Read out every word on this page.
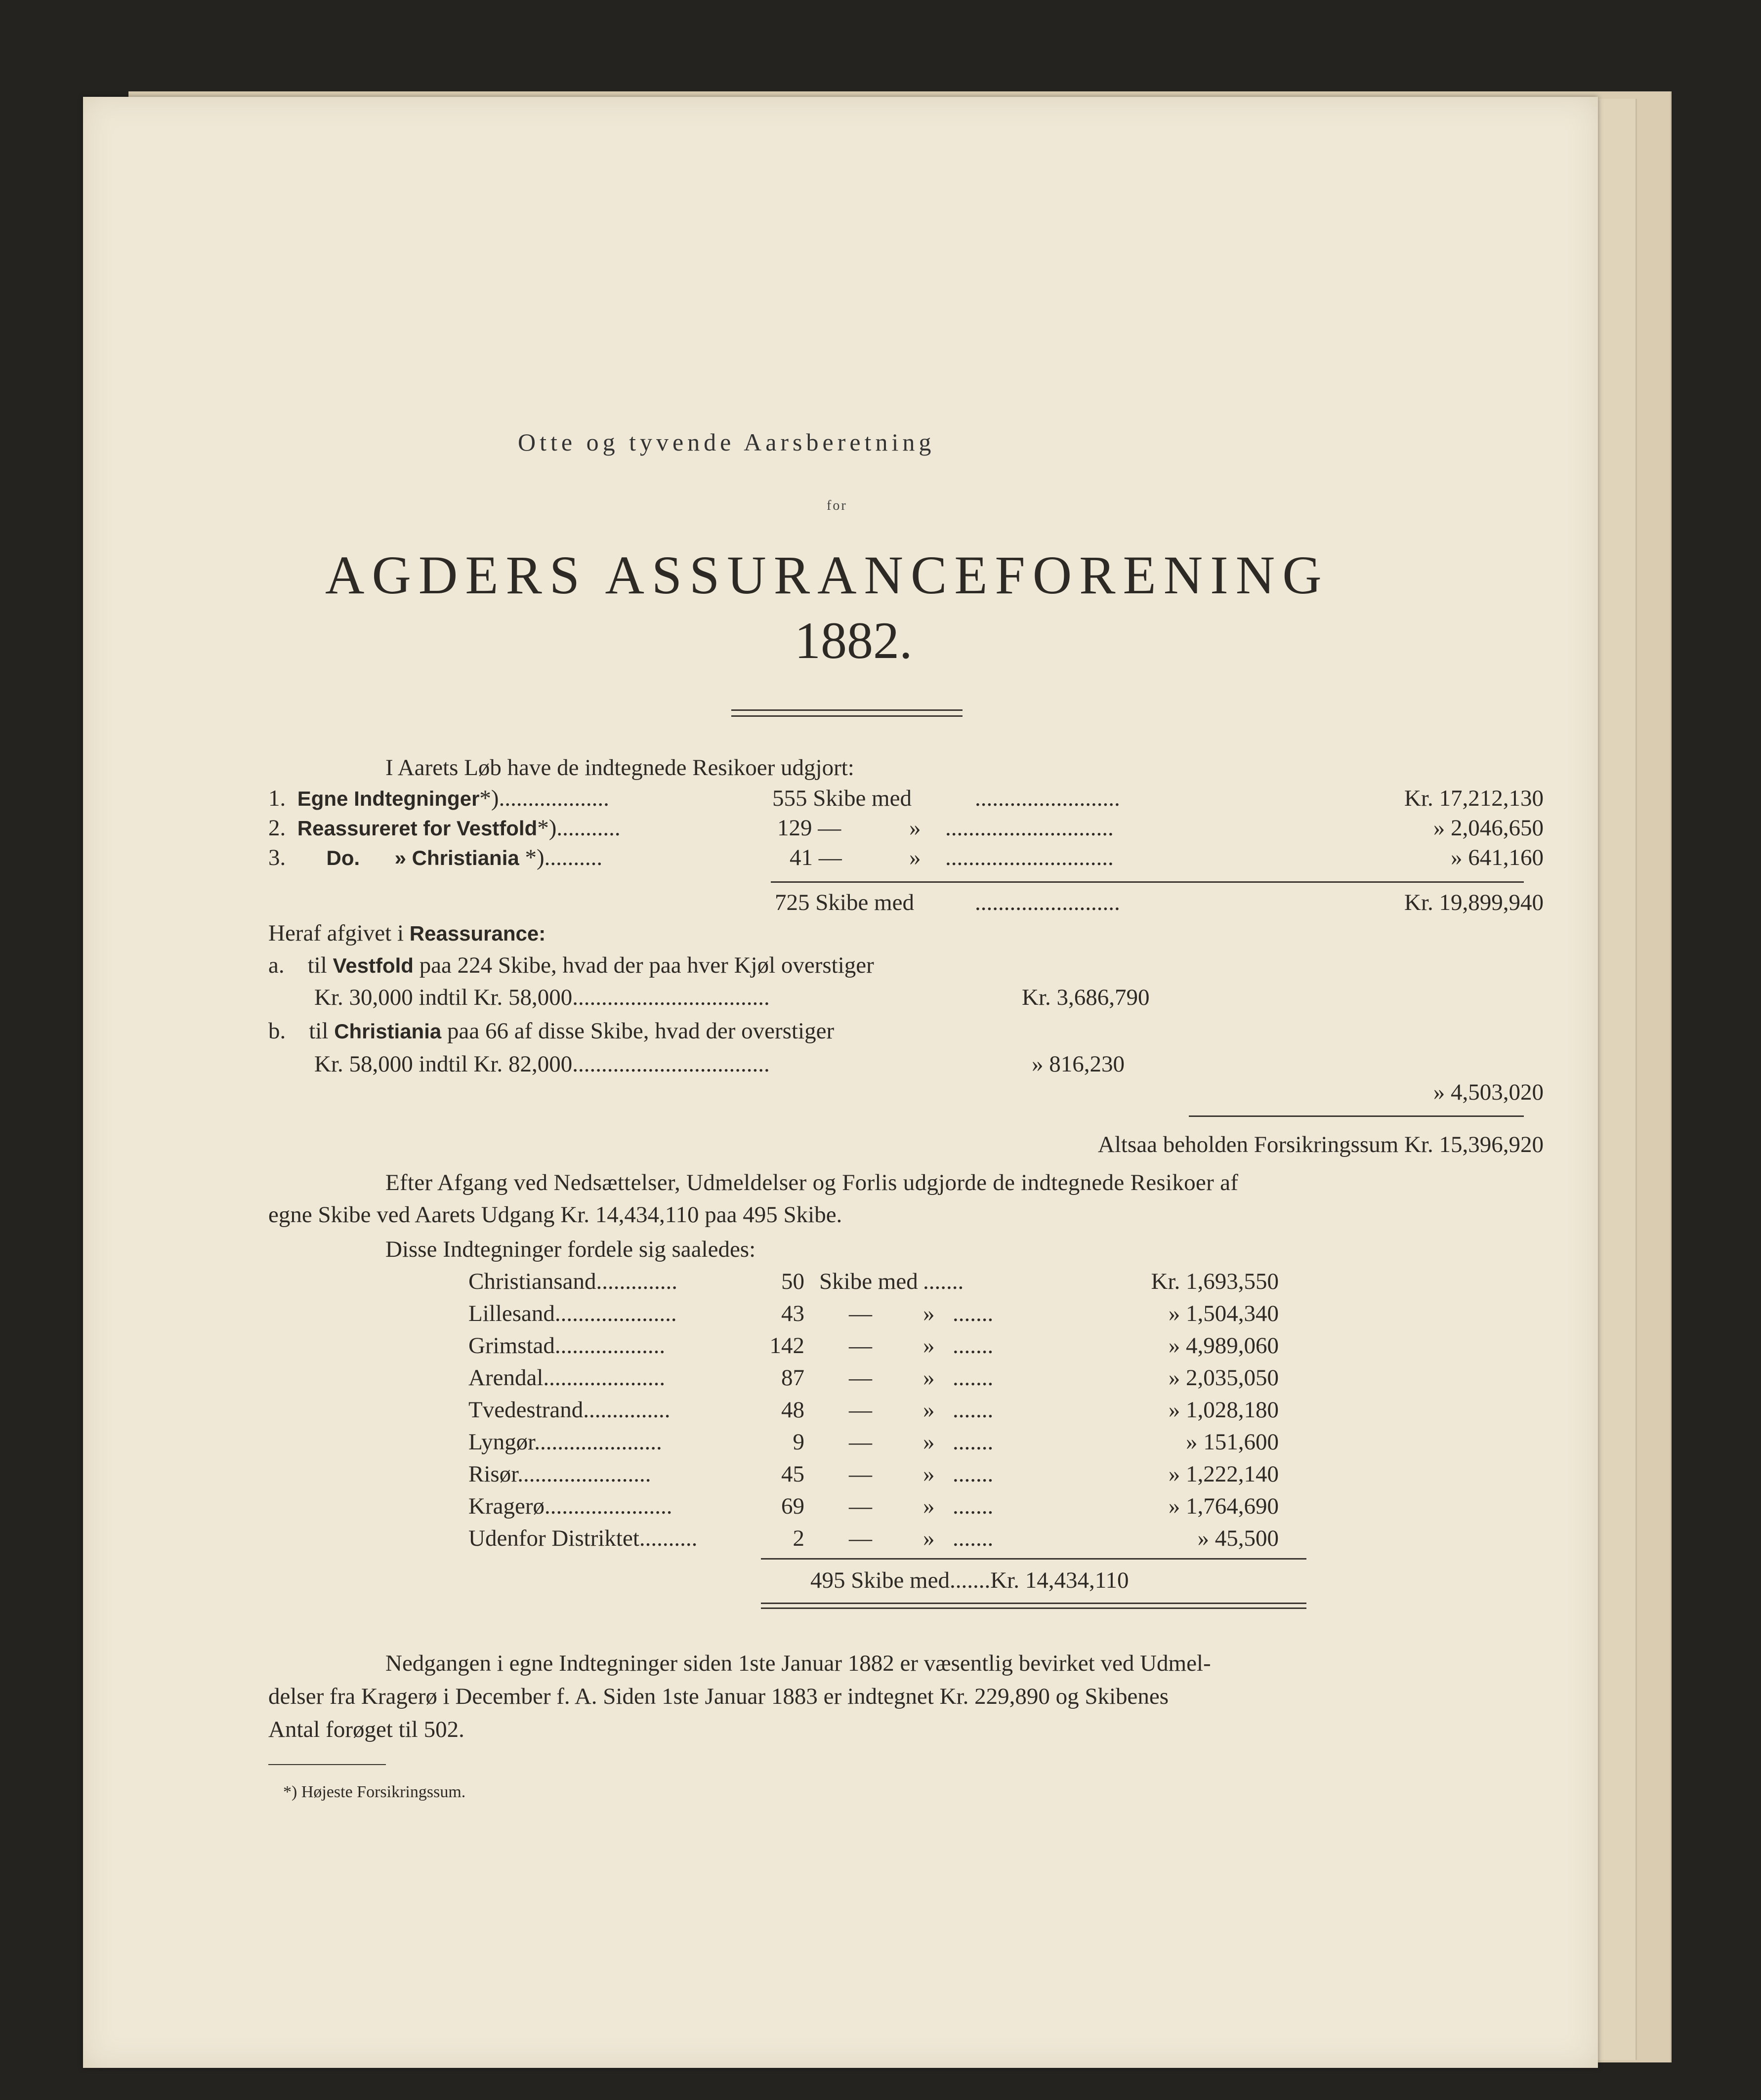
Otte og tyvende Aarsberetning
for
AGDERS ASSURANCEFORENING
1882.
I Aarets Løb have de indtegnede Resikoer udgjort:
1. Egne Indtegninger*)...................	555 Skibe med	.........................	Kr. 17,212,130
2. Reassureret for Vestfold*)...........	129 —	» .............................	» 2,046,650
3. Do. » Christiania *)..........	41 —	» .............................	» 641,160
725 Skibe med	.........................	Kr. 19,899,940
Heraf afgivet i Reassurance:
a. til Vestfold paa 224 Skibe, hvad der paa hver Kjøl overstiger
Kr. 30,000 indtil Kr. 58,000..................................	Kr. 3,686,790
b. til Christiania paa 66 af disse Skibe, hvad der overstiger
Kr. 58,000 indtil Kr. 82,000..................................	» 816,230
» 4,503,020
Altsaa beholden Forsikringssum Kr. 15,396,920
Efter Afgang ved Nedsættelser, Udmeldelser og Forlis udgjorde de indtegnede Resikoer af
egne Skibe ved Aarets Udgang Kr. 14,434,110 paa 495 Skibe.
Disse Indtegninger fordele sig saaledes:
Christiansand..............	50 Skibe med .......	Kr. 1,693,550
Lillesand.....................	43 — » .......	» 1,504,340
Grimstad...................	142 — » .......	» 4,989,060
Arendal.....................	87 — » .......	» 2,035,050
Tvedestrand...............	48 — » .......	» 1,028,180
Lyngør......................	9 — » .......	» 151,600
Risør.......................	45 — » .......	» 1,222,140
Kragerø......................	69 — » .......	» 1,764,690
Udenfor Distriktet..........	2 — » .......	» 45,500
495 Skibe med.......Kr. 14,434,110
Nedgangen i egne Indtegninger siden 1ste Januar 1882 er væsentlig bevirket ved Udmel-
delser fra Kragerø i December f. A. Siden 1ste Januar 1883 er indtegnet Kr. 229,890 og Skibenes
Antal forøget til 502.
*) Højeste Forsikringssum.
